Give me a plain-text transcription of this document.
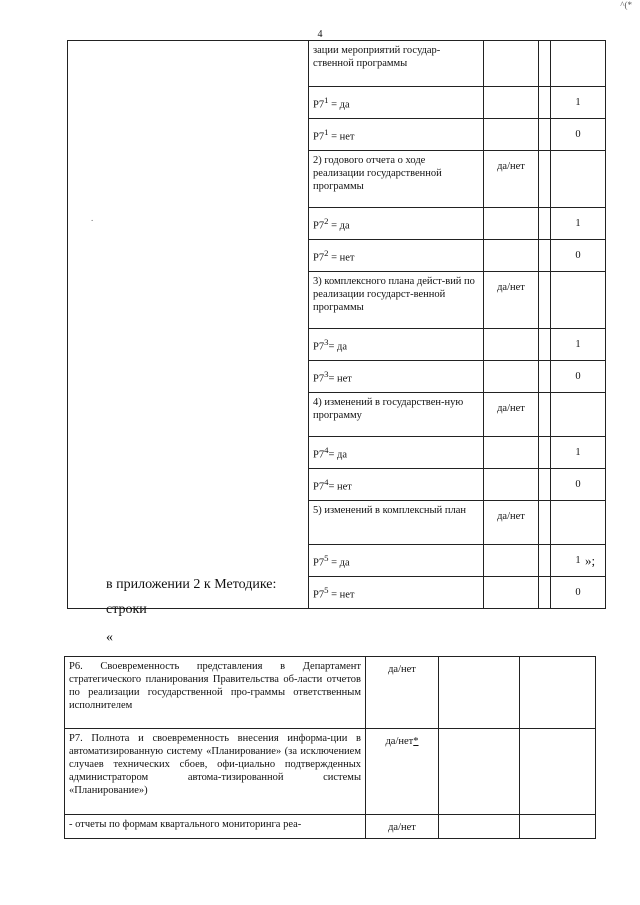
4
^(*
.
	зации мероприятий государ-ственной программы			
	$Р7^1$ = да			1
	$Р7^1$ = нет			0
	2) годового отчета о ходе реализации государственной программы	да/нет		
	$Р7^2$ = да			1
	$Р7^2$ = нет			0
	3) комплексного плана дейст-вий по реализации государст-венной программы	да/нет		
	$Р7^3=$ да			1
	$Р7^3=$ нет			0
	4) изменений в государствен-ную программу	да/нет		
	$Р7^4=$ да			1
	$Р7^4=$ нет			0
	5) изменений в комплексный план	да/нет		
	$Р7^5$ = да			1
	$Р7^5$ = нет			0
»;
в приложении 2 к Методике:
строки
«
Р6. Своевременность представления в Департамент стратегического планирования Правительства об-ласти отчетов по реализации государственной про-граммы ответственным исполнителем	да/нет		
Р7. Полнота и своевременность внесения информа-ции в автоматизированную систему «Планирование» (за исключением случаев технических сбоев, офи-циально подтвержденных администратором автома-тизированной системы «Планирование»)	да/нет*		
- отчеты по формам квартального мониторинга реа-	да/нет		
